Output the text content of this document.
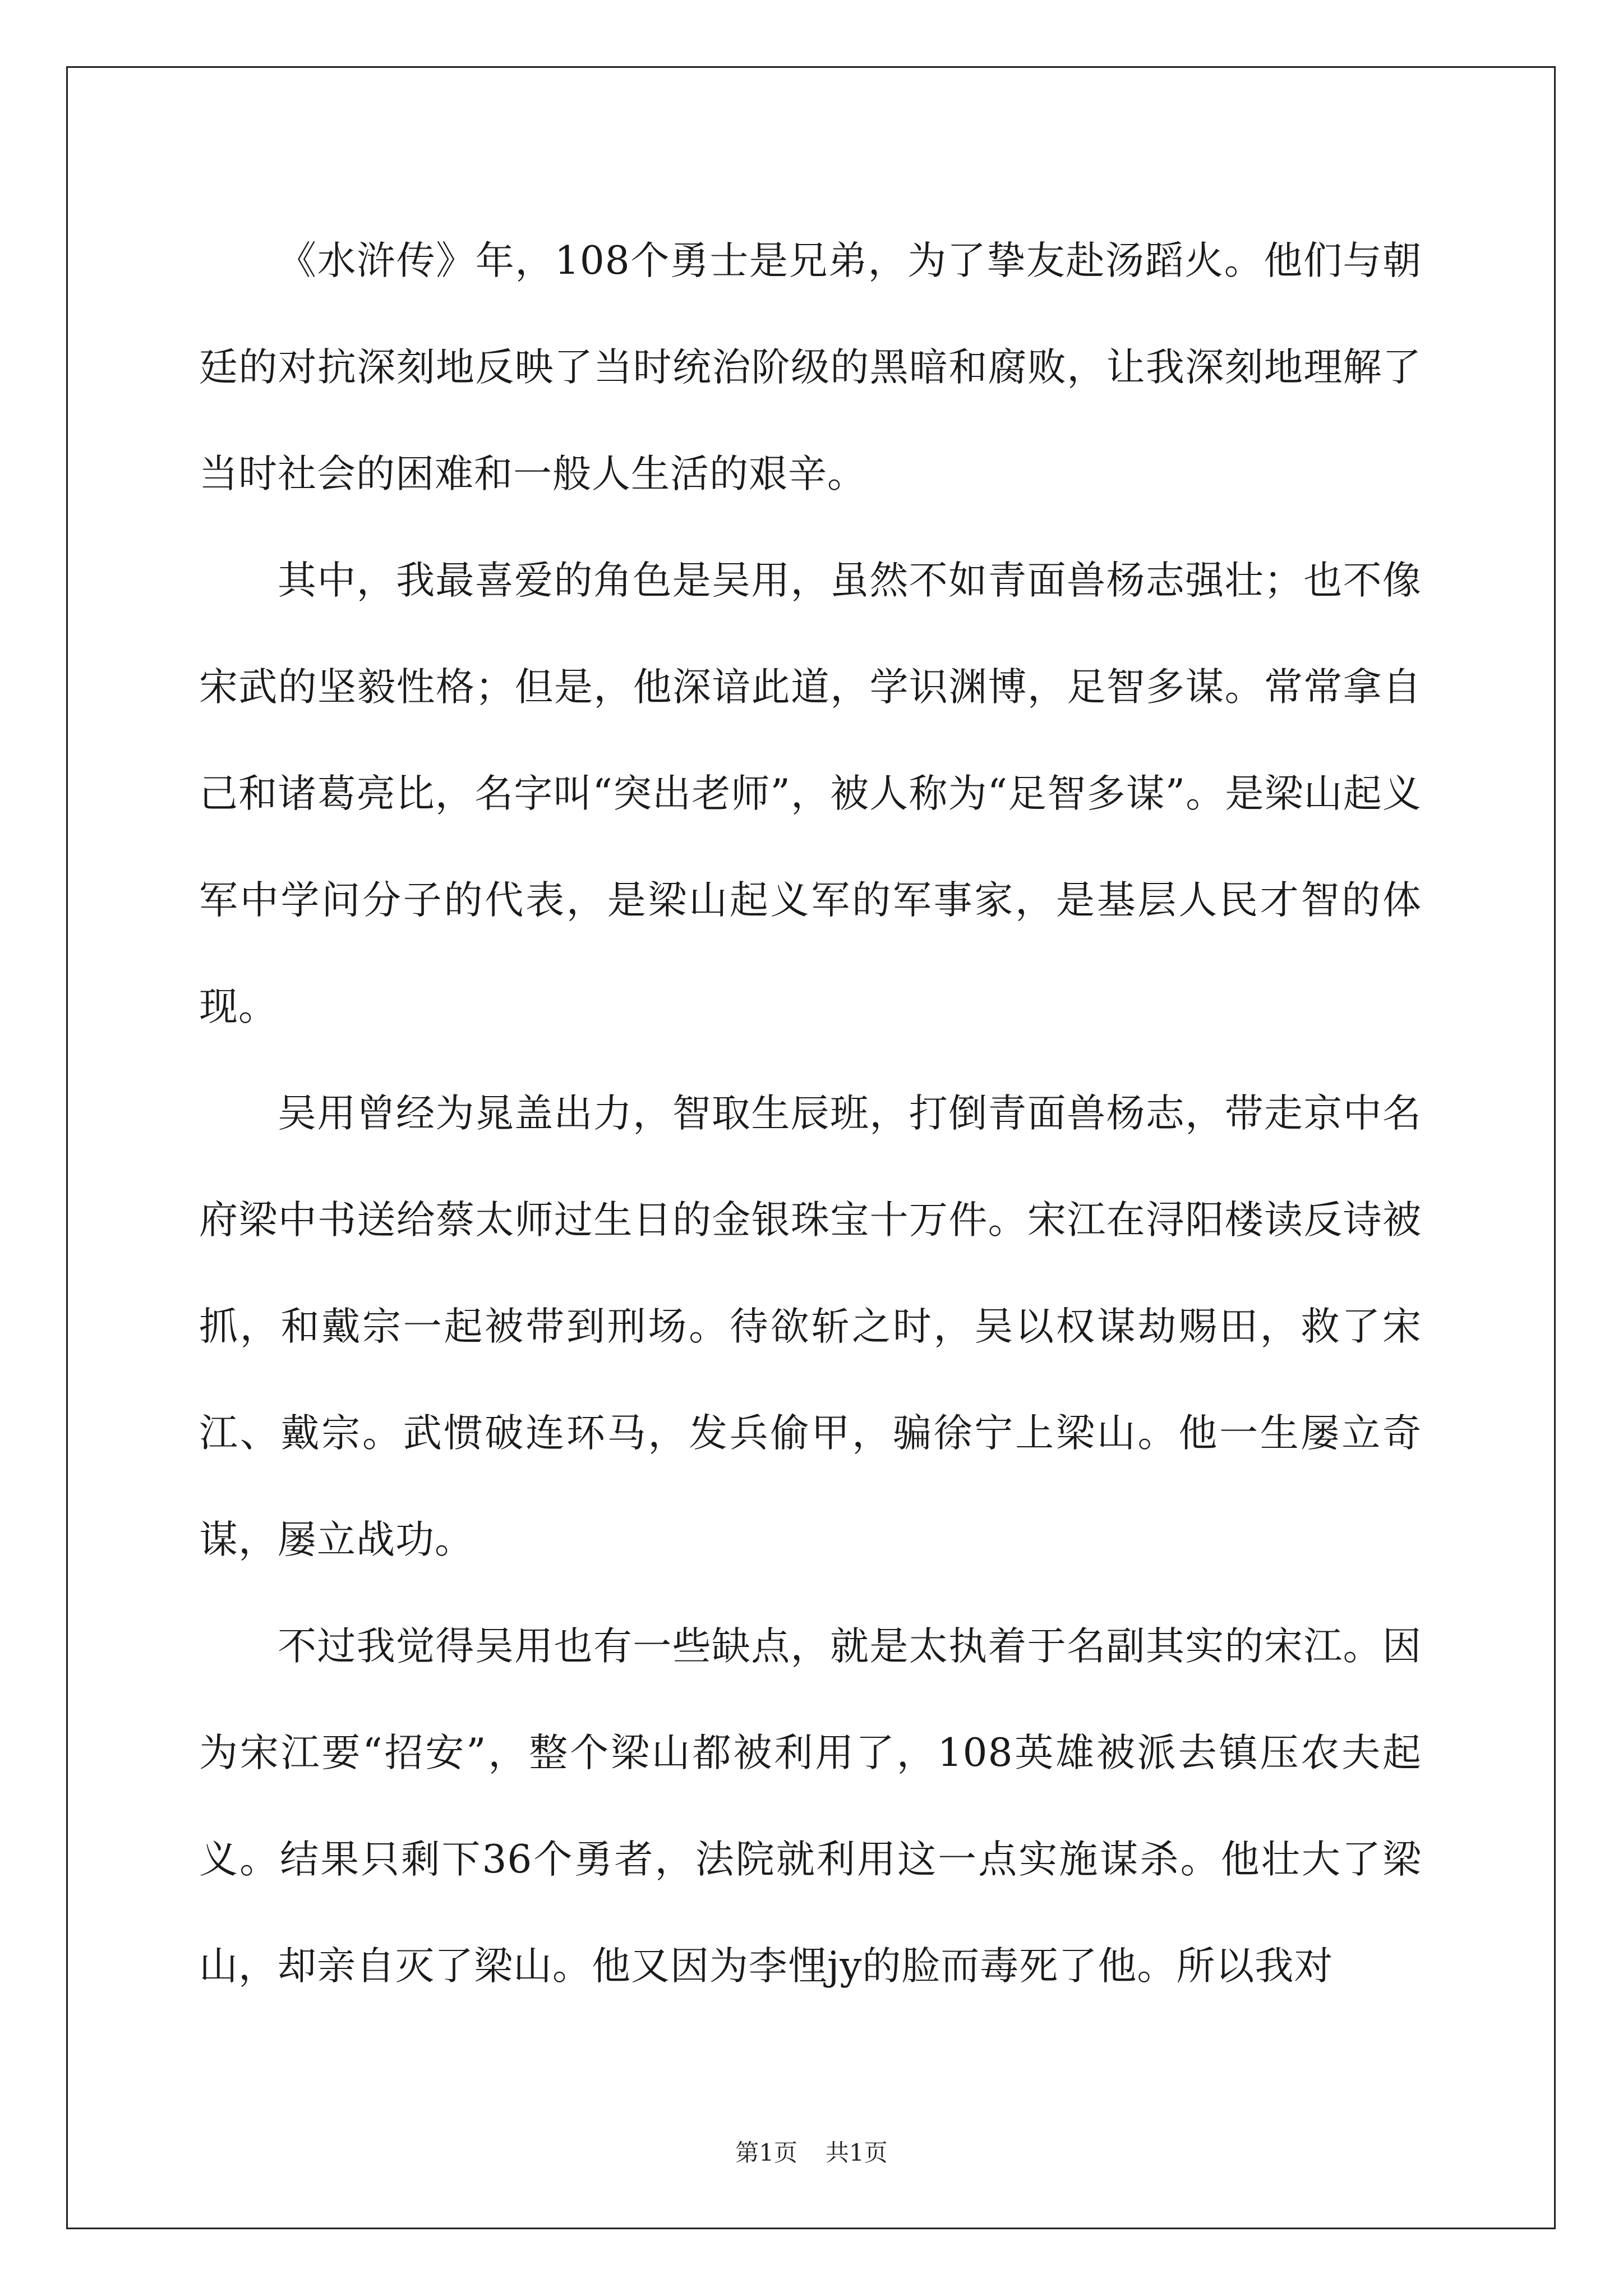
《水浒传》年，108个勇士是兄弟，为了挚友赴汤蹈火。他们与朝廷的对抗深刻地反映了当时统治阶级的黑暗和腐败，让我深刻地理解了当时社会的困难和一般人生活的艰辛。

其中，我最喜爱的角色是吴用，虽然不如青面兽杨志强壮；也不像宋武的坚毅性格；但是，他深谙此道，学识渊博，足智多谋。常常拿自己和诸葛亮比，名字叫“突出老师”，被人称为“足智多谋”。是梁山起义军中学问分子的代表，是梁山起义军的军事家，是基层人民才智的体现。

吴用曾经为晁盖出力，智取生辰班，打倒青面兽杨志，带走京中名府梁中书送给蔡太师过生日的金银珠宝十万件。宋江在浔阳楼读反诗被抓，和戴宗一起被带到刑场。待欲斩之时，吴以权谋劫赐田，救了宋江、戴宗。武惯破连环马，发兵偷甲，骗徐宁上梁山。他一生屡立奇谋，屡立战功。

不过我觉得吴用也有一些缺点，就是太执着于名副其实的宋江。因为宋江要“招安”，整个梁山都被利用了，108英雄被派去镇压农夫起义。结果只剩下36个勇者，法院就利用这一点实施谋杀。他壮大了梁山，却亲自灭了梁山。他又因为李悝jy的脸而毒死了他。所以我对

第1页 共1页
